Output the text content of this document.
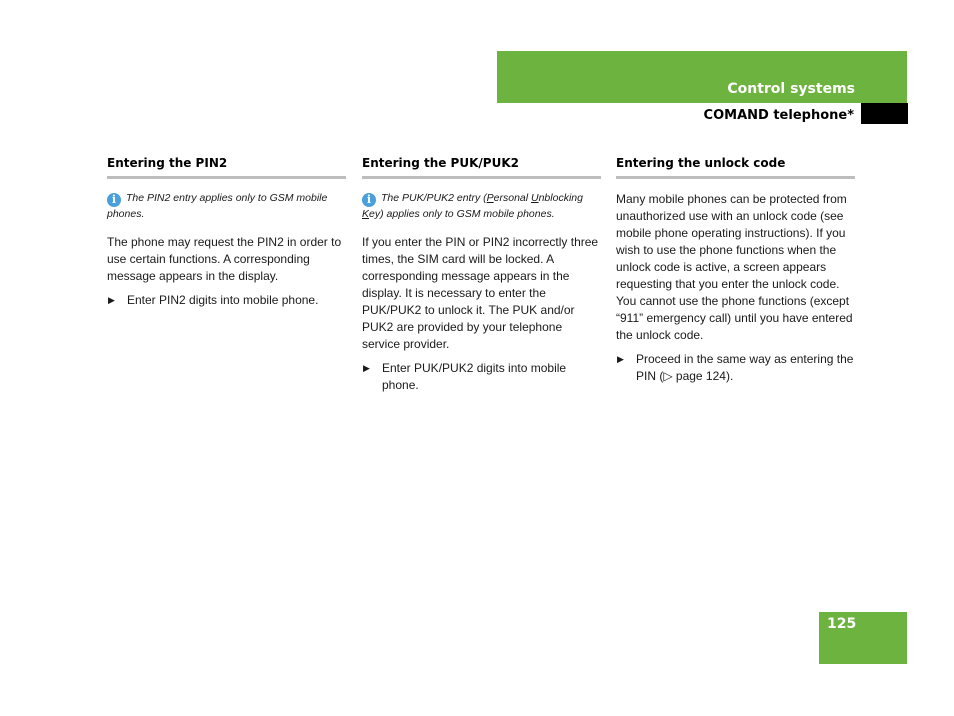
Control systems
COMAND telephone*
Entering the PIN2

i The PIN2 entry applies only to GSM mobile phones.

The phone may request the PIN2 in order to use certain functions. A corresponding message appears in the display.

▶ Enter PIN2 digits into mobile phone.

Entering the PUK/PUK2

i The PUK/PUK2 entry (Personal Unblocking Key) applies only to GSM mobile phones.

If you enter the PIN or PIN2 incorrectly three times, the SIM card will be locked. A corresponding message appears in the display. It is necessary to enter the PUK/PUK2 to unlock it. The PUK and/or PUK2 are provided by your telephone service provider.

▶ Enter PUK/PUK2 digits into mobile phone.

Entering the unlock code

Many mobile phones can be protected from unauthorized use with an unlock code (see mobile phone operating instructions). If you wish to use the phone functions when the unlock code is active, a screen appears requesting that you enter the unlock code. You cannot use the phone functions (except “911” emergency call) until you have entered the unlock code.

▶ Proceed in the same way as entering the PIN (▷ page 124).

125
